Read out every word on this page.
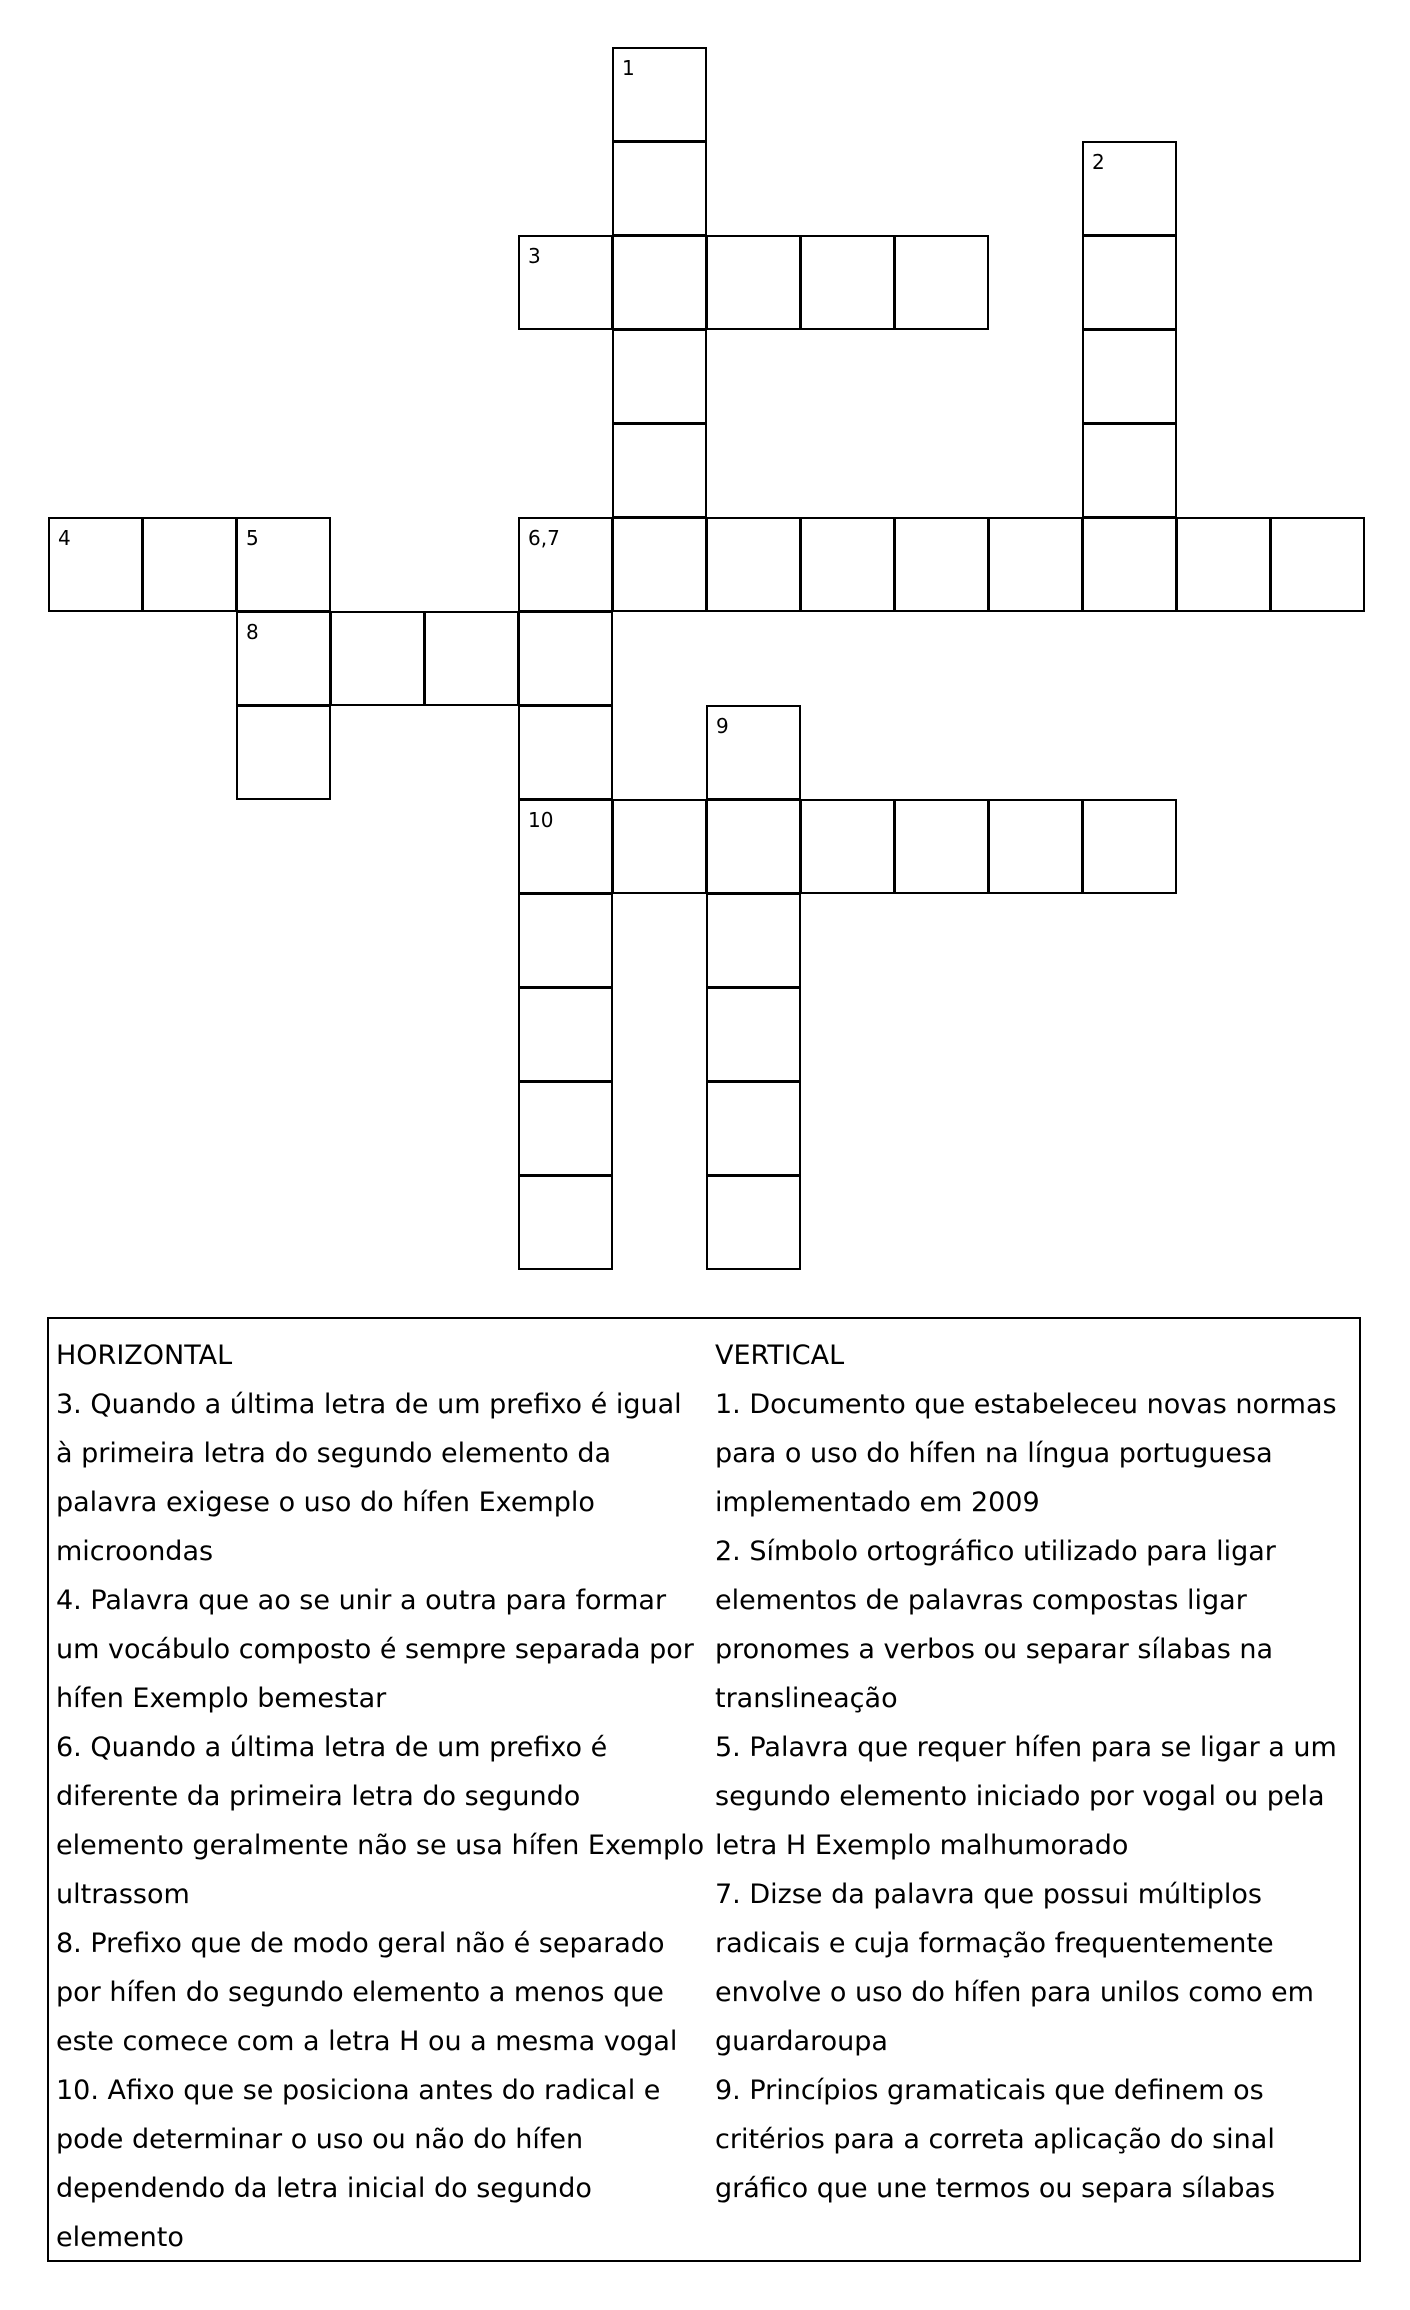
1
2
3
4	5
8
6,7
10
9

HORIZONTAL

3. Quando a última letra de um prefixo é igual à primeira letra do segundo elemento da palavra exigese o uso do hífen Exemplo microondas

4. Palavra que ao se unir a outra para formar um vocábulo composto é sempre separada por hífen Exemplo bemestar

6. Quando a última letra de um prefixo é diferente da primeira letra do segundo elemento geralmente não se usa hífen Exemplo ultrassom

8. Prefixo que de modo geral não é separado por hífen do segundo elemento a menos que este comece com a letra H ou a mesma vogal

10. Afixo que se posiciona antes do radical e pode determinar o uso ou não do hífen dependendo da letra inicial do segundo elemento

VERTICAL

1. Documento que estabeleceu novas normas para o uso do hífen na língua portuguesa implementado em 2009

2. Símbolo ortográfico utilizado para ligar elementos de palavras compostas ligar pronomes a verbos ou separar sílabas na translineação

5. Palavra que requer hífen para se ligar a um segundo elemento iniciado por vogal ou pela letra H Exemplo malhumorado

7. Dizse da palavra que possui múltiplos radicais e cuja formação frequentemente envolve o uso do hífen para unilos como em guardaroupa

9. Princípios gramaticais que definem os critérios para a correta aplicação do sinal gráfico que une termos ou separa sílabas
